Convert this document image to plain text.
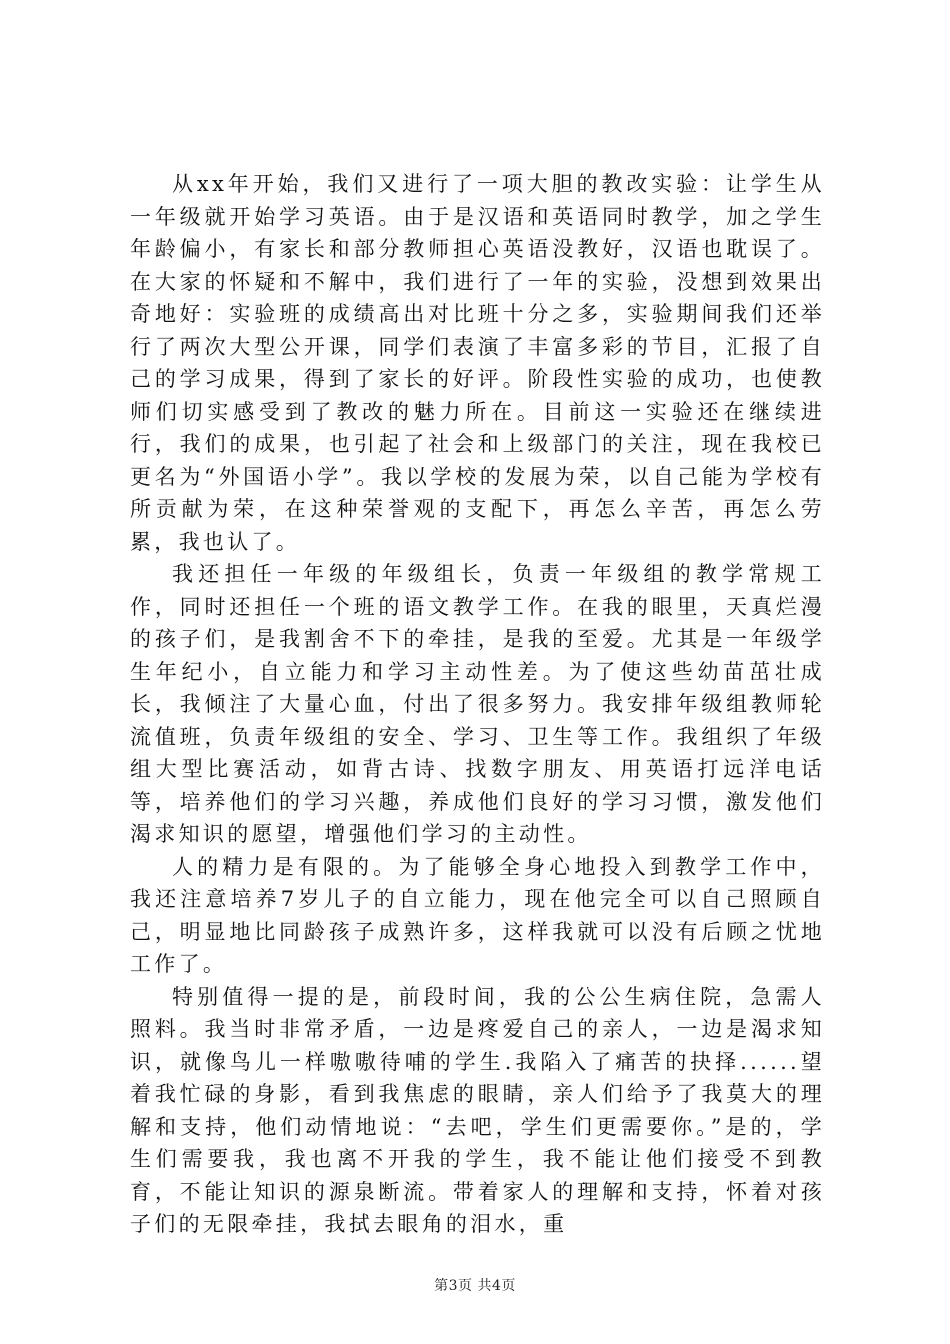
从xx年开始，我们又进行了一项大胆的教改实验：让学生从一年级就开始学习英语。由于是汉语和英语同时教学，加之学生年龄偏小，有家长和部分教师担心英语没教好，汉语也耽误了。在大家的怀疑和不解中，我们进行了一年的实验，没想到效果出奇地好：实验班的成绩高出对比班十分之多，实验期间我们还举行了两次大型公开课，同学们表演了丰富多彩的节目，汇报了自己的学习成果，得到了家长的好评。阶段性实验的成功，也使教师们切实感受到了教改的魅力所在。目前这一实验还在继续进行，我们的成果，也引起了社会和上级部门的关注，现在我校已更名为“外国语小学”。我以学校的发展为荣，以自己能为学校有所贡献为荣，在这种荣誉观的支配下，再怎么辛苦，再怎么劳累，我也认了。

我还担任一年级的年级组长，负责一年级组的教学常规工作，同时还担任一个班的语文教学工作。在我的眼里，天真烂漫的孩子们，是我割舍不下的牵挂，是我的至爱。尤其是一年级学生年纪小，自立能力和学习主动性差。为了使这些幼苗茁壮成长，我倾注了大量心血，付出了很多努力。我安排年级组教师轮流值班，负责年级组的安全、学习、卫生等工作。我组织了年级组大型比赛活动，如背古诗、找数字朋友、用英语打远洋电话等，培养他们的学习兴趣，养成他们良好的学习习惯，激发他们渴求知识的愿望，增强他们学习的主动性。

人的精力是有限的。为了能够全身心地投入到教学工作中，我还注意培养7岁儿子的自立能力，现在他完全可以自己照顾自己，明显地比同龄孩子成熟许多，这样我就可以没有后顾之忧地工作了。

特别值得一提的是，前段时间，我的公公生病住院，急需人照料。我当时非常矛盾，一边是疼爱自己的亲人，一边是渴求知识，就像鸟儿一样嗷嗷待哺的学生.我陷入了痛苦的抉择......望着我忙碌的身影，看到我焦虑的眼睛，亲人们给予了我莫大的理解和支持，他们动情地说：“去吧，学生们更需要你。”是的，学生们需要我，我也离不开我的学生，我不能让他们接受不到教育，不能让知识的源泉断流。带着家人的理解和支持，怀着对孩子们的无限牵挂，我拭去眼角的泪水，重

第3页 共4页
